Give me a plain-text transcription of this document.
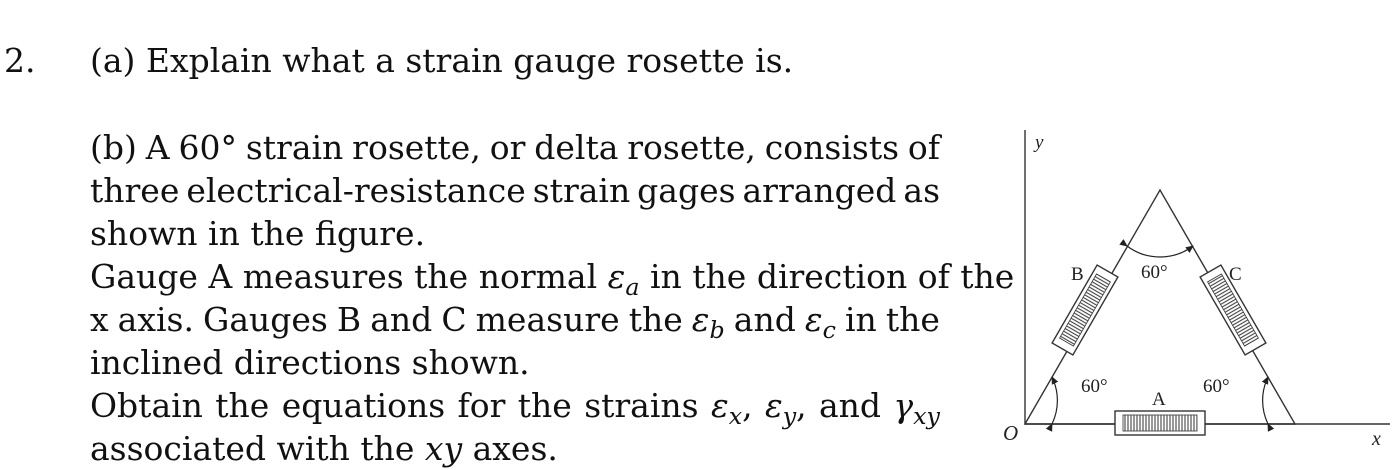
2. (a) Explain what a strain gauge rosette is.
(b) A 60° strain rosette, or delta rosette, consists of
three electrical-resistance strain gages arranged as
shown in the figure.
Gauge A measures the normal $\varepsilon_a$ in the direction of the
x axis. Gauges B and C measure the $\varepsilon_b$ and $\varepsilon_c$ in the
inclined directions shown.
Obtain the equations for the strains $\varepsilon_x$, $\varepsilon_y$, and $\gamma_{xy}$
associated with the xy axes.
y
x
O
A
B	C
60°
60°	60°
